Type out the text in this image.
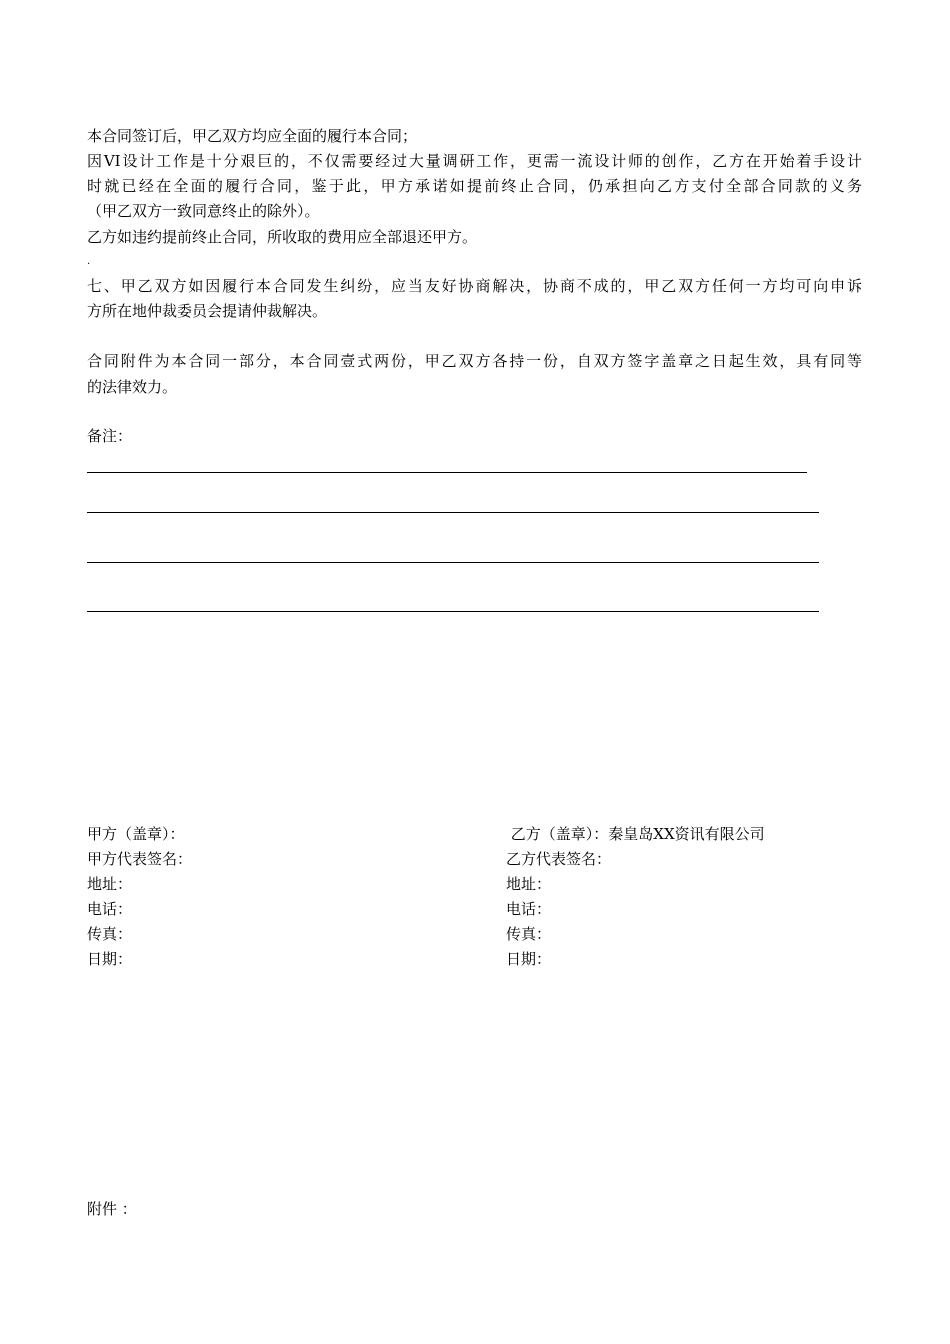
本合同签订后，甲乙双方均应全面的履行本合同；
因VI设计工作是十分艰巨的，不仅需要经过大量调研工作，更需一流设计师的创作，乙方在开始着手设计
时就已经在全面的履行合同，鉴于此，甲方承诺如提前终止合同，仍承担向乙方支付全部合同款的义务
（甲乙双方一致同意终止的除外）。
乙方如违约提前终止合同，所收取的费用应全部退还甲方。
.
七、甲乙双方如因履行本合同发生纠纷，应当友好协商解决，协商不成的，甲乙双方任何一方均可向申诉
方所在地仲裁委员会提请仲裁解决。
合同附件为本合同一部分，本合同壹式两份，甲乙双方各持一份，自双方签字盖章之日起生效，具有同等
的法律效力。
备注：
甲方（盖章）：
甲方代表签名：
地址：
电话：
传真：
日期：
乙方（盖章）：秦皇岛XX资讯有限公司
乙方代表签名：
地址：
电话：
传真：
日期：
附件 ：
